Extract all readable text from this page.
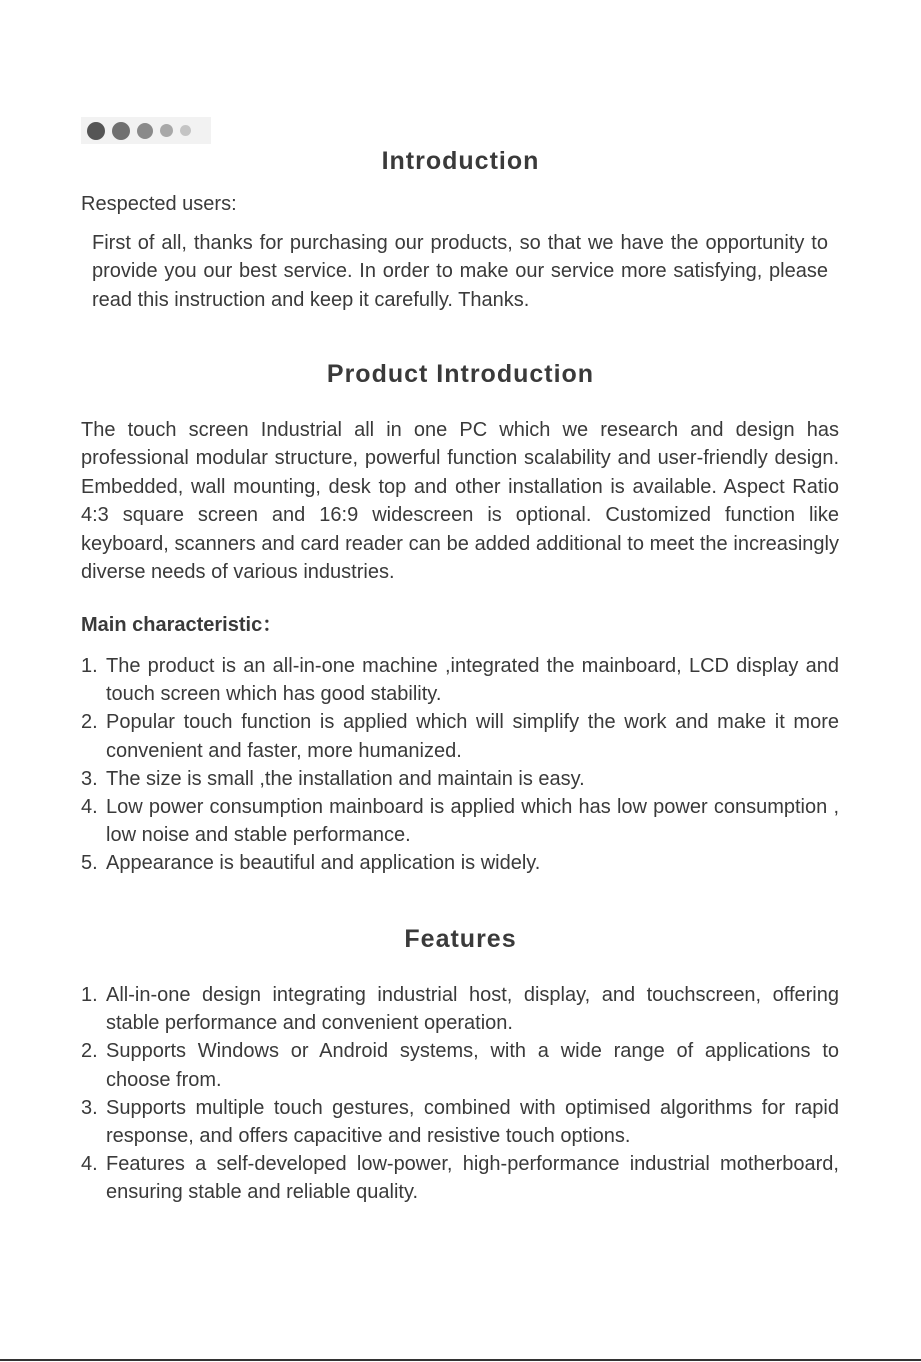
Introduction

Respected users:

First of all, thanks for purchasing our products, so that we have the opportunity to provide you our best service. In order to make our service more satisfying, please read this instruction and keep it carefully. Thanks.

Product Introduction

The touch screen Industrial all in one PC which we research and design has professional modular structure, powerful function scalability and user-friendly design. Embedded, wall mounting, desk top and other installation is available. Aspect Ratio 4:3 square screen and 16:9 widescreen is optional. Customized function like keyboard, scanners and card reader can be added additional to meet the increasingly diverse needs of various industries.

Main characteristic：
1. The product is an all-in-one machine ,integrated the mainboard, LCD display and touch screen which has good stability.
2. Popular touch function is applied which will simplify the work and make it more convenient and faster, more humanized.
3. The size is small ,the installation and maintain is easy.
4. Low power consumption mainboard is applied which has low power consumption , low noise and stable performance.
5. Appearance is beautiful and application is widely.
Features
1. All-in-one design integrating industrial host, display, and touchscreen, offering stable performance and convenient operation.
2. Supports Windows or Android systems, with a wide range of applications to choose from.
3. Supports multiple touch gestures, combined with optimised algorithms for rapid response, and offers capacitive and resistive touch options.
4. Features a self-developed low-power, high-performance industrial motherboard, ensuring stable and reliable quality.
